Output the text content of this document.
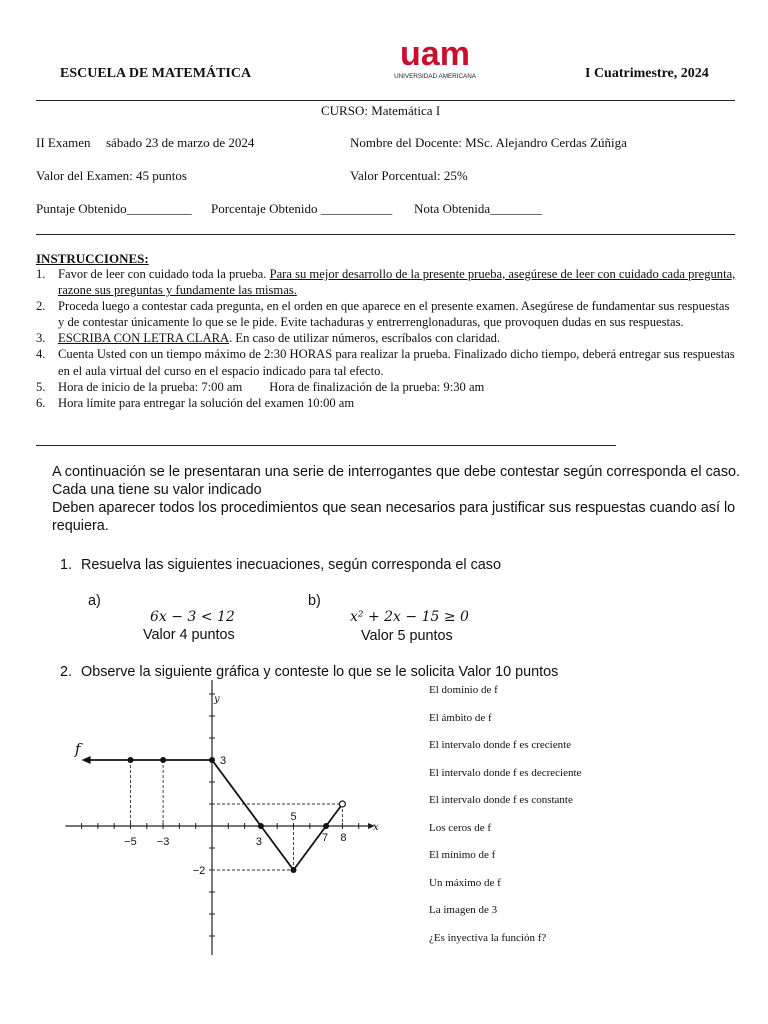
ESCUELA DE MATEMÁTICA
uam
UNIVERSIDAD AMERICANA	I Cuatrimestre, 2024
CURSO: Matemática I
II Examen sábado 23 de marzo de 2024	Nombre del Docente: MSc. Alejandro Cerdas Zúñiga
Valor del Examen: 45 puntos	Valor Porcentual: 25%
Puntaje Obtenido__________ Porcentaje Obtenido ___________ Nota Obtenida________
INSTRUCCIONES:
1. Favor de leer con cuidado toda la prueba. Para su mejor desarrollo de la presente prueba, asegúrese de leer con cuidado cada pregunta, razone sus preguntas y fundamente las mismas.
2. Proceda luego a contestar cada pregunta, en el orden en que aparece en el presente examen. Asegúrese de fundamentar sus respuestas y de contestar únicamente lo que se le pide. Evite tachaduras y entrerrenglonaduras, que provoquen dudas en sus respuestas.
3. ESCRIBA CON LETRA CLARA. En caso de utilizar números, escríbalos con claridad.
4. Cuenta Usted con un tiempo máximo de 2:30 HORAS para realizar la prueba. Finalizado dicho tiempo, deberá entregar sus respuestas en el aula virtual del curso en el espacio indicado para tal efecto.
5. Hora de inicio de la prueba: 7:00 am Hora de finalización de la prueba: 9:30 am
6. Hora límite para entregar la solución del examen 10:00 am
A continuación se le presentaran una serie de interrogantes que debe contestar según corresponda el caso. Cada una tiene su valor indicado
Deben aparecer todos los procedimientos que sean necesarios para justificar sus respuestas cuando así lo requiera.
1. Resuelva las siguientes inecuaciones, según corresponda el caso
a)
6x − 3 < 12
Valor 4 puntos
b)
x² + 2x − 15 ≥ 0
Valor 5 puntos
2. Observe la siguiente gráfica y conteste lo que se le solicita Valor 10 puntos
El dominio de f
El ámbito de f
El intervalo donde f es creciente
El intervalo donde f es decreciente
El intervalo donde f es constante
Los ceros de f
El mínimo de f
Un máximo de f
La imagen de 3
¿Es inyectiva la función f?
−5 −3	3
5
7 8
3
−2
y
x
f
